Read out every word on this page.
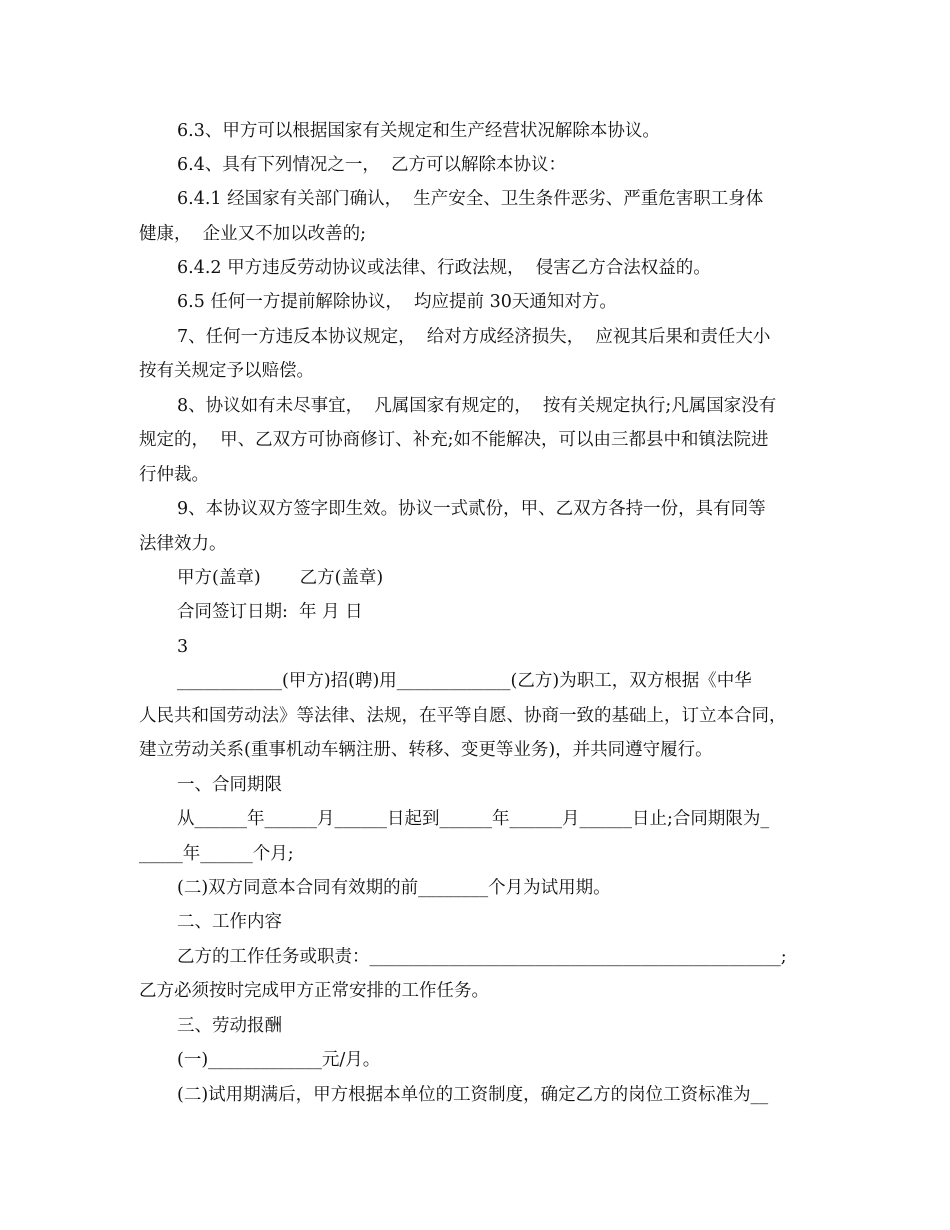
6.3、甲方可以根据国家有关规定和生产经营状况解除本协议。
6.4、具有下列情况之一，  乙方可以解除本协议：
6.4.1 经国家有关部门确认，  生产安全、卫生条件恶劣、严重危害职工身体
健康，  企业又不加以改善的;
6.4.2 甲方违反劳动协议或法律、行政法规，  侵害乙方合法权益的。
6.5 任何一方提前解除协议，  均应提前 30天通知对方。
7、任何一方违反本协议规定，  给对方成经济损失，  应视其后果和责任大小
按有关规定予以赔偿。
8、协议如有未尽事宜，  凡属国家有规定的，  按有关规定执行;凡属国家没有
规定的，  甲、乙双方可协商修订、补充;如不能解决，可以由三都县中和镇法院进
行仲裁。
9、本协议双方签字即生效。协议一式贰份，甲、乙双方各持一份，具有同等
法律效力。
甲方(盖章)       乙方(盖章)
合同签订日期:  年 月 日
3
____________(甲方)招(聘)用_____________(乙方)为职工，双方根据《中华
人民共和国劳动法》等法律、法规，在平等自愿、协商一致的基础上，订立本合同，
建立劳动关系(重事机动车辆注册、转移、变更等业务)，并共同遵守履行。
一、合同期限
从______年______月______日起到______年______月______日止;合同期限为_
_____年______个月;
(二)双方同意本合同有效期的前________个月为试用期。
二、工作内容
乙方的工作任务或职责：_______________________________________________;
乙方必须按时完成甲方正常安排的工作任务。
三、劳动报酬
(一)_____________元/月。
(二)试用期满后，甲方根据本单位的工资制度，确定乙方的岗位工资标准为__
